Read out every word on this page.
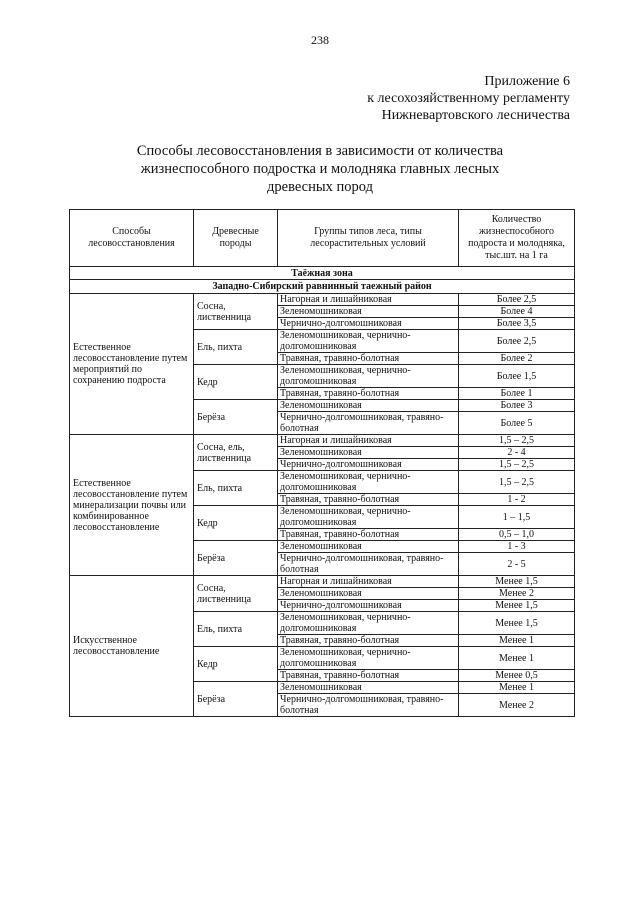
238
Приложение 6
к лесохозяйственному регламенту
Нижневартовского лесничества
Способы лесовосстановления в зависимости от количества
жизнеспособного подростка и молодняка главных лесных
древесных пород
Способы лесовосстановления	Древесные породы	Группы типов леса, типы лесорастительных условий	Количество жизнеспособного подроста и молодняка, тыс.шт. на 1 га
Таёжная зона			
Западно-Сибирский равнинный таежный район			
Естественное лесовосстановление путем мероприятий по сохранению подроста	Сосна, лиственница	Нагорная и лишайниковая	Более 2,5
		Зеленомошниковая	Более 4
		Чернично-долгомошниковая	Более 3,5
	Ель, пихта	Зеленомошниковая, чернично-долгомошниковая	Более 2,5
		Травяная, травяно-болотная	Более 2
	Кедр	Зеленомошниковая, чернично-долгомошниковая	Более 1,5
		Травяная, травяно-болотная	Более 1
	Берёза	Зеленомошниковая	Более 3
		Чернично-долгомошниковая, травяно-болотная	Более 5
Естественное лесовосстановление путем минерализации почвы или комбинированное лесовосстановление	Сосна, ель, лиственница	Нагорная и лишайниковая	1,5 – 2,5
		Зеленомошниковая	2 - 4
		Чернично-долгомошниковая	1,5 – 2,5
	Ель, пихта	Зеленомошниковая, чернично-долгомошниковая	1,5 – 2,5
		Травяная, травяно-болотная	1 - 2
	Кедр	Зеленомошниковая, чернично-долгомошниковая	1 – 1,5
		Травяная, травяно-болотная	0,5 – 1,0
	Берёза	Зеленомошниковая	1 - 3
		Чернично-долгомошниковая, травяно-болотная	2 - 5
Искусственное лесовосстановление	Сосна, лиственница	Нагорная и лишайниковая	Менее 1,5
		Зеленомошниковая	Менее 2
		Чернично-долгомошниковая	Менее 1,5
	Ель, пихта	Зеленомошниковая, чернично-долгомошниковая	Менее 1,5
		Травяная, травяно-болотная	Менее 1
	Кедр	Зеленомошниковая, чернично-долгомошниковая	Менее 1
		Травяная, травяно-болотная	Менее 0,5
	Берёза	Зеленомошниковая	Менее 1
		Чернично-долгомошниковая, травяно-болотная	Менее 2
